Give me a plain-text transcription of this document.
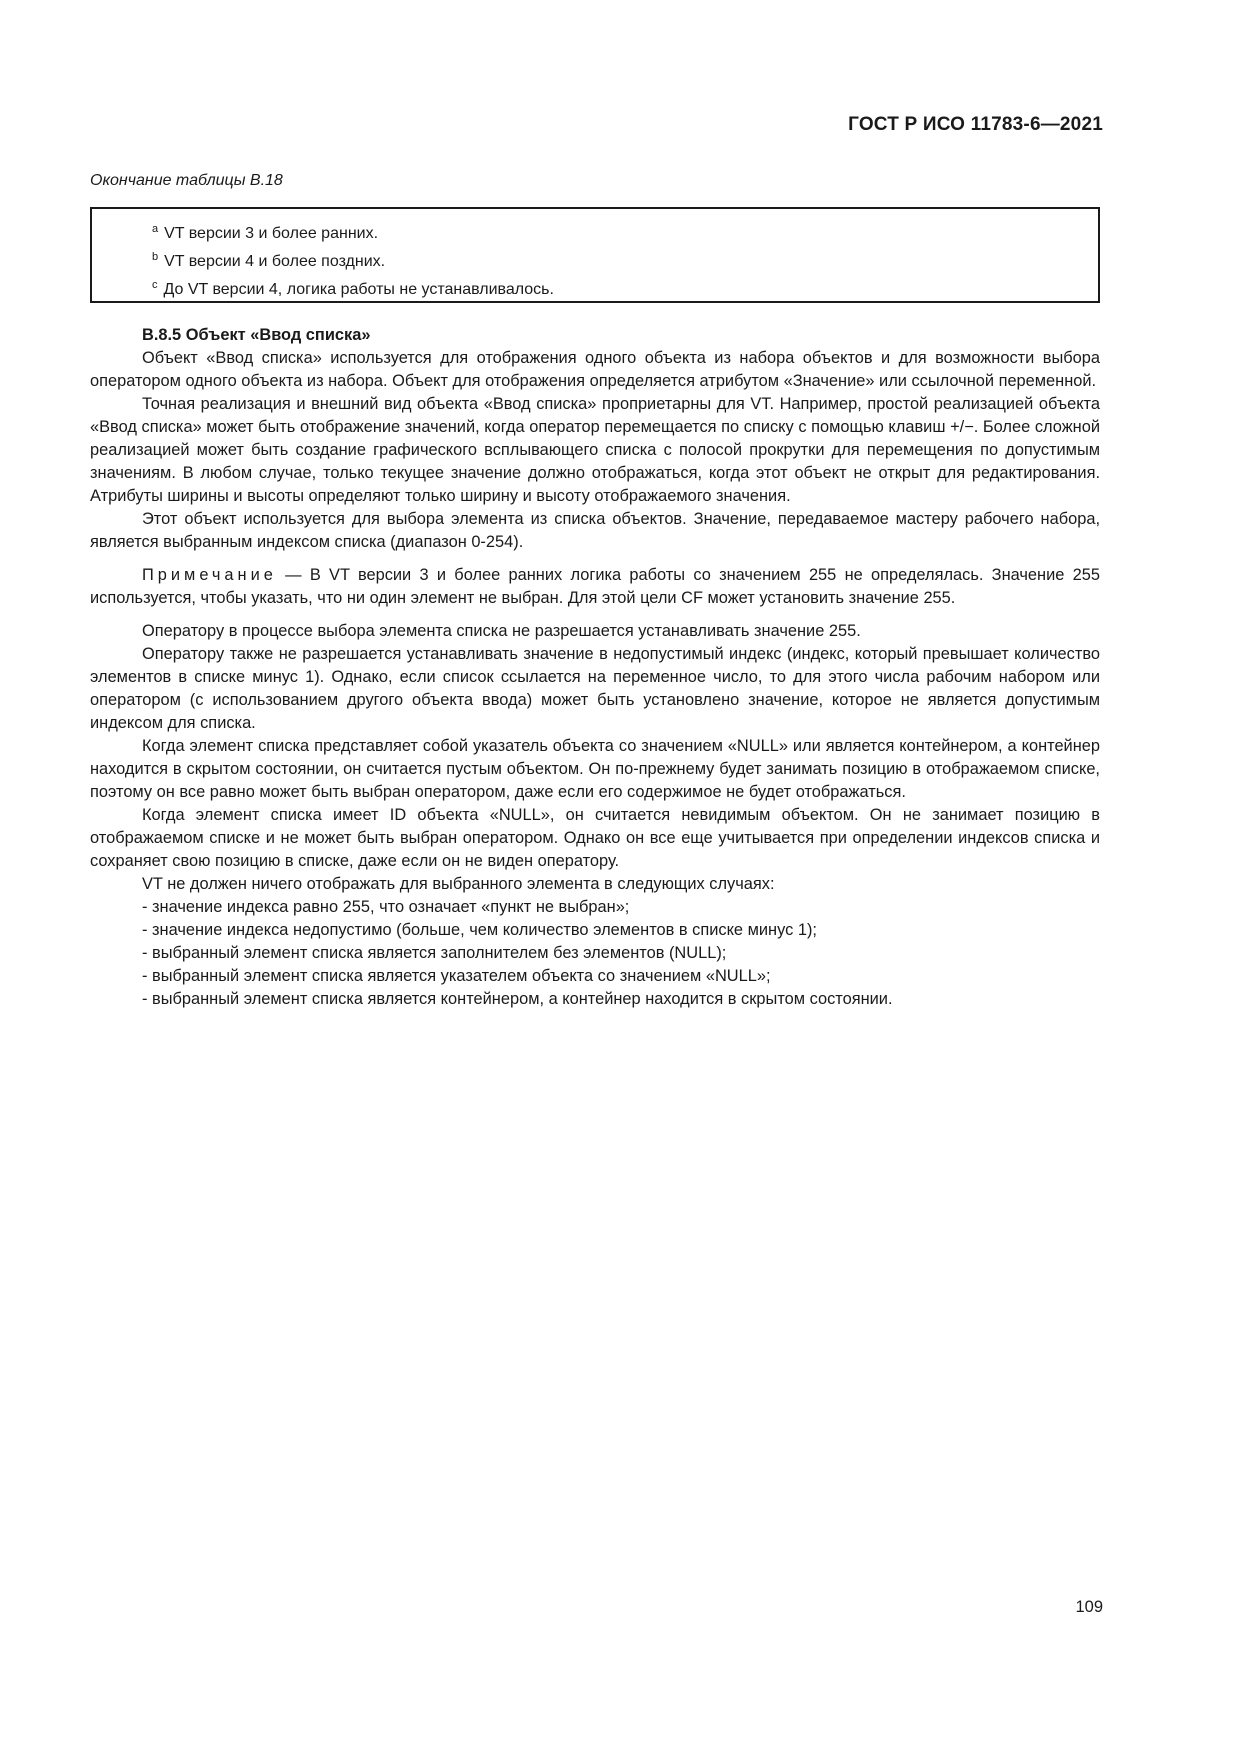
ГОСТ Р ИСО 11783-6—2021
Окончание таблицы В.18
$^a$ VT версии 3 и более ранних.
$^b$ VT версии 4 и более поздних.
$^c$ До VT версии 4, логика работы не устанавливалось.

В.8.5 Объект «Ввод списка»

Объект «Ввод списка» используется для отображения одного объекта из набора объектов и для возможности выбора оператором одного объекта из набора. Объект для отображения определяется атрибутом «Значение» или ссылочной переменной.

Точная реализация и внешний вид объекта «Ввод списка» проприетарны для VT. Например, простой реализацией объекта «Ввод списка» может быть отображение значений, когда оператор перемещается по списку с помощью клавиш +/−. Более сложной реализацией может быть создание графического всплывающего списка с полосой прокрутки для перемещения по допустимым значениям. В любом случае, только текущее значение должно отображаться, когда этот объект не открыт для редактирования. Атрибуты ширины и высоты определяют только ширину и высоту отображаемого значения.

Этот объект используется для выбора элемента из списка объектов. Значение, передаваемое мастеру рабочего набора, является выбранным индексом списка (диапазон 0-254).

Примечание — В VT версии 3 и более ранних логика работы со значением 255 не определялась. Значение 255 используется, чтобы указать, что ни один элемент не выбран. Для этой цели CF может установить значение 255.

Оператору в процессе выбора элемента списка не разрешается устанавливать значение 255.

Оператору также не разрешается устанавливать значение в недопустимый индекс (индекс, который превышает количество элементов в списке минус 1). Однако, если список ссылается на переменное число, то для этого числа рабочим набором или оператором (с использованием другого объекта ввода) может быть установлено значение, которое не является допустимым индексом для списка.

Когда элемент списка представляет собой указатель объекта со значением «NULL» или является контейнером, а контейнер находится в скрытом состоянии, он считается пустым объектом. Он по-прежнему будет занимать позицию в отображаемом списке, поэтому он все равно может быть выбран оператором, даже если его содержимое не будет отображаться.

Когда элемент списка имеет ID объекта «NULL», он считается невидимым объектом. Он не занимает позицию в отображаемом списке и не может быть выбран оператором. Однако он все еще учитывается при определении индексов списка и сохраняет свою позицию в списке, даже если он не виден оператору.

VT не должен ничего отображать для выбранного элемента в следующих случаях:

- значение индекса равно 255, что означает «пункт не выбран»;

- значение индекса недопустимо (больше, чем количество элементов в списке минус 1);

- выбранный элемент списка является заполнителем без элементов (NULL);

- выбранный элемент списка является указателем объекта со значением «NULL»;

- выбранный элемент списка является контейнером, а контейнер находится в скрытом состоянии.

109
